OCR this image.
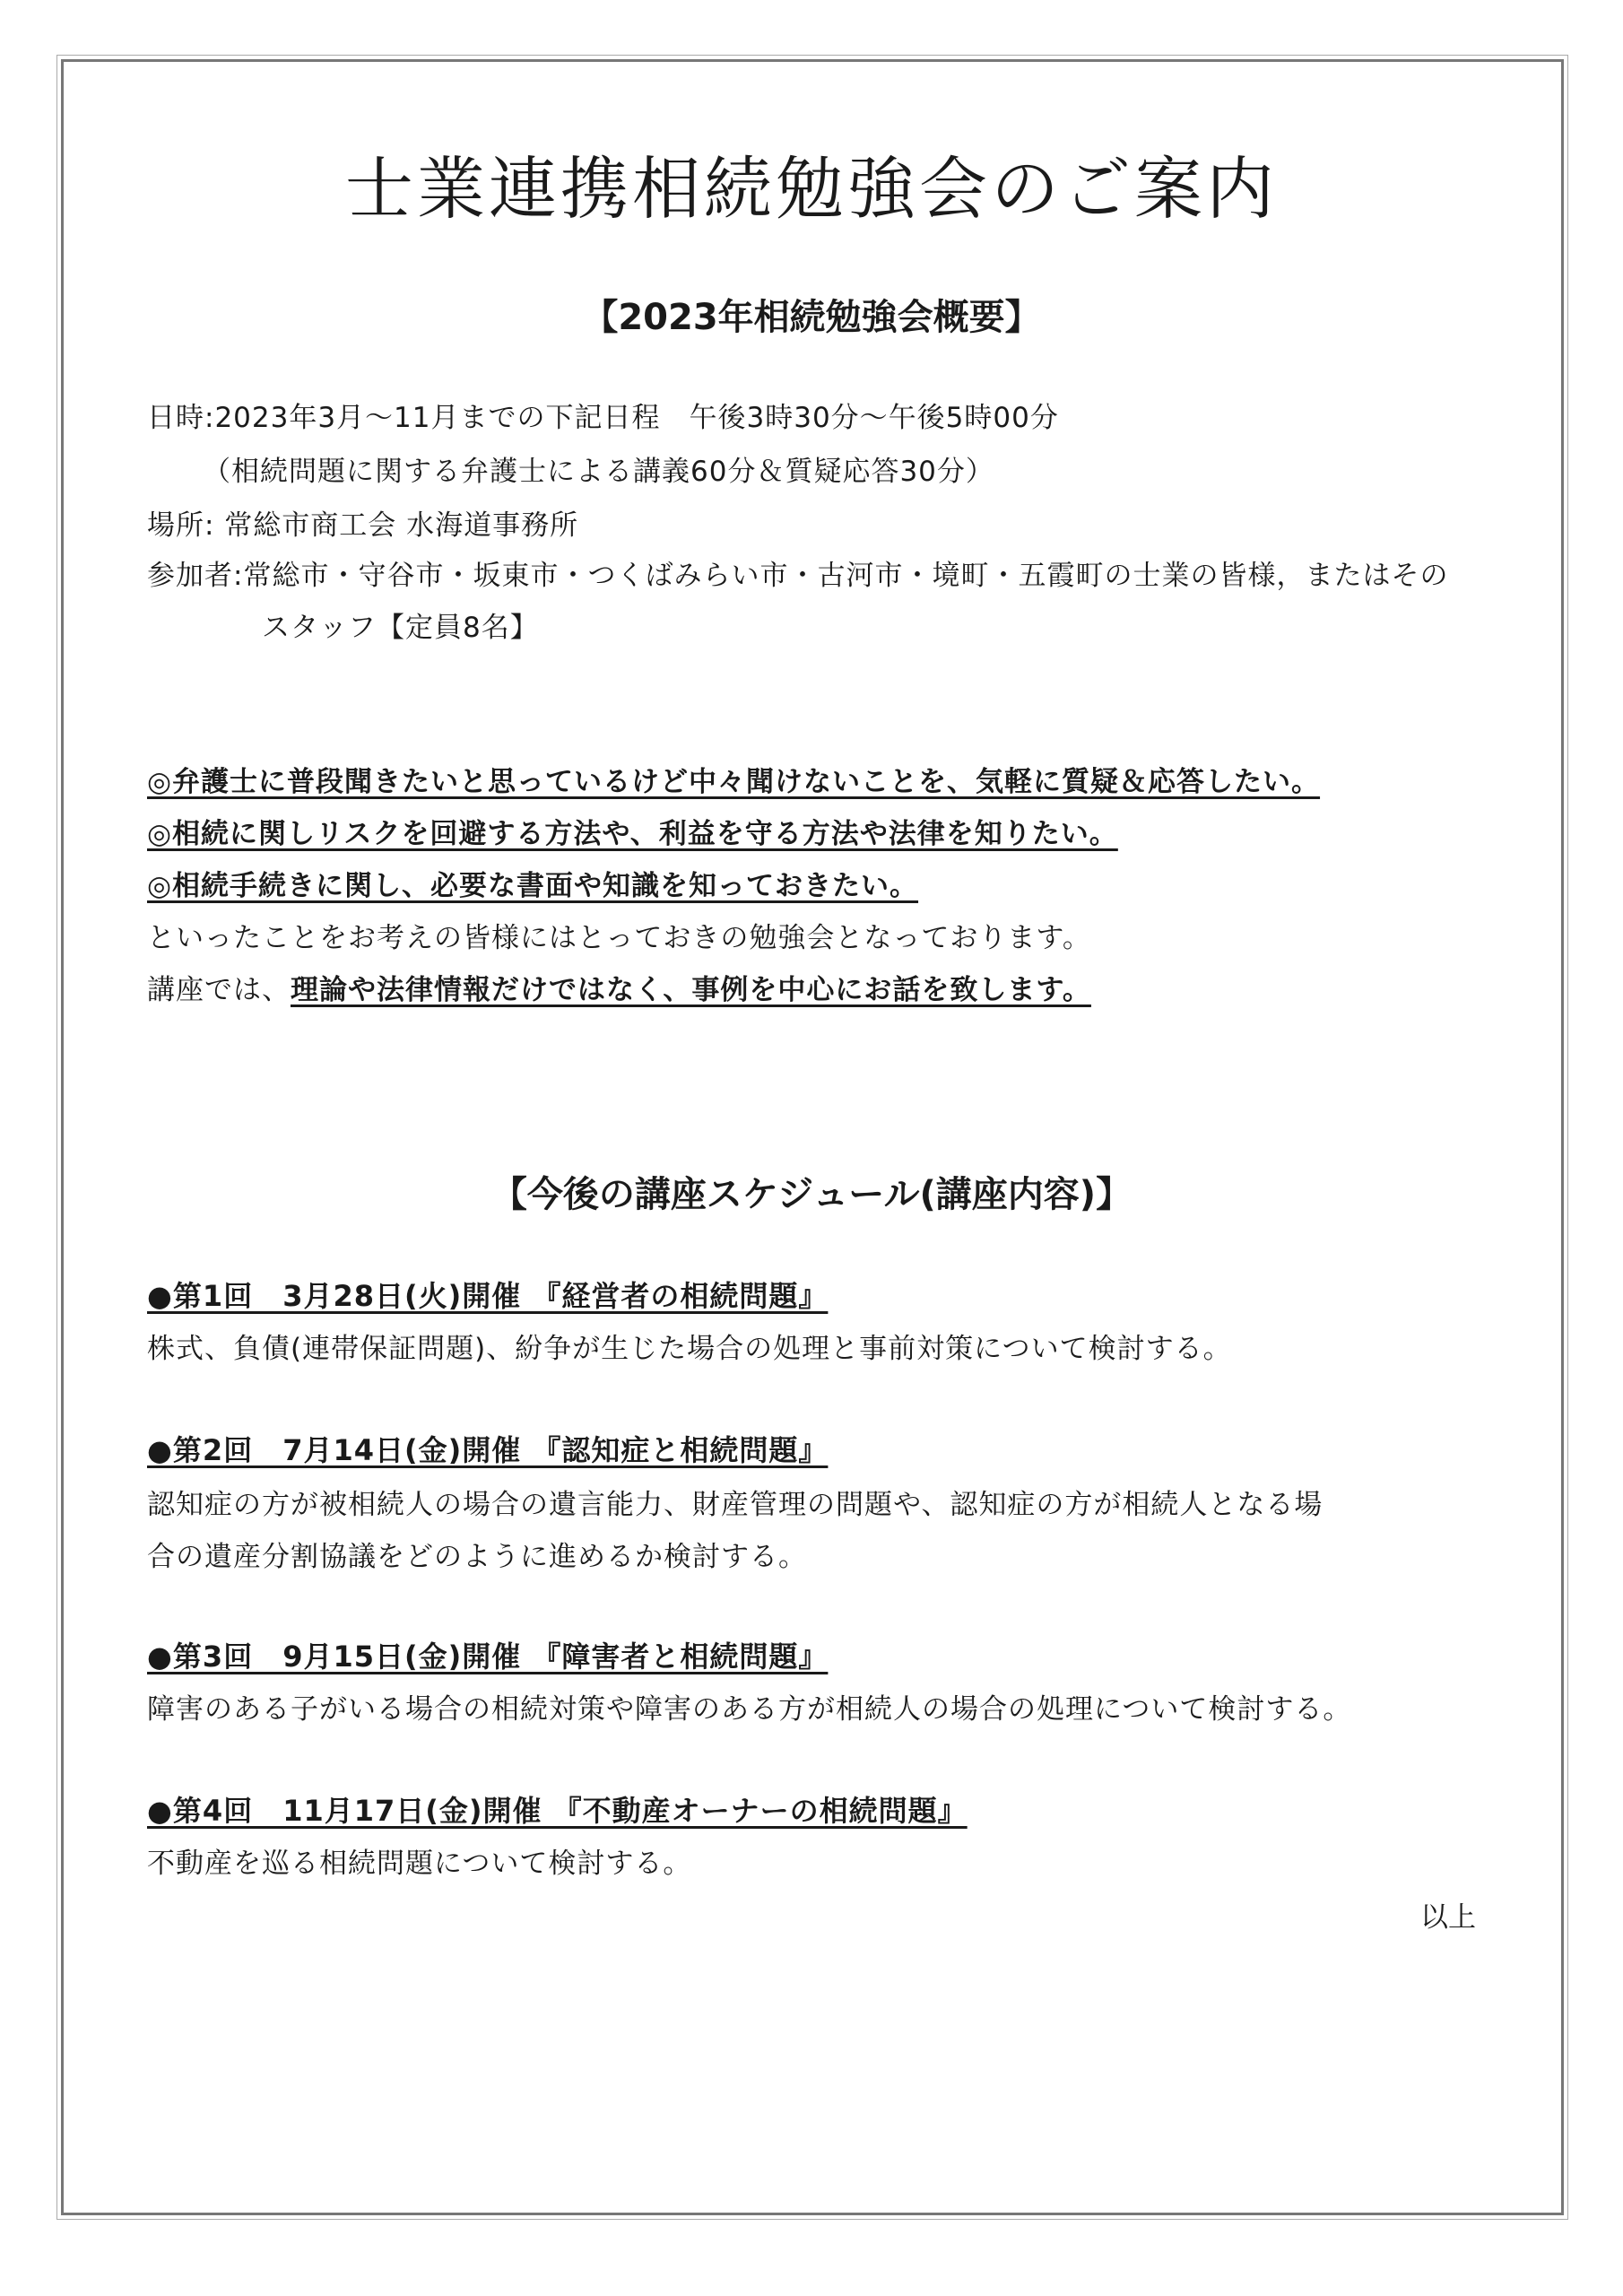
士業連携相続勉強会のご案内
【2023年相続勉強会概要】
日時:2023年3月～11月までの下記日程　午後3時30分～午後5時00分
（相続問題に関する弁護士による講義60分＆質疑応答30分）
場所: 常総市商工会 水海道事務所
参加者:常総市・守谷市・坂東市・つくばみらい市・古河市・境町・五霞町の士業の皆様，またはその
スタッフ【定員8名】
◎弁護士に普段聞きたいと思っているけど中々聞けないことを、気軽に質疑＆応答したい。
◎相続に関しリスクを回避する方法や、利益を守る方法や法律を知りたい。
◎相続手続きに関し、必要な書面や知識を知っておきたい。
といったことをお考えの皆様にはとっておきの勉強会となっております。
講座では、理論や法律情報だけではなく、事例を中心にお話を致します。
【今後の講座スケジュール(講座内容)】
●第1回　3月28日(火)開催 『経営者の相続問題』
株式、負債(連帯保証問題)、紛争が生じた場合の処理と事前対策について検討する。
●第2回　7月14日(金)開催 『認知症と相続問題』
認知症の方が被相続人の場合の遺言能力、財産管理の問題や、認知症の方が相続人となる場
合の遺産分割協議をどのように進めるか検討する。
●第3回　9月15日(金)開催 『障害者と相続問題』
障害のある子がいる場合の相続対策や障害のある方が相続人の場合の処理について検討する。
●第4回　11月17日(金)開催 『不動産オーナーの相続問題』
不動産を巡る相続問題について検討する。
以上
